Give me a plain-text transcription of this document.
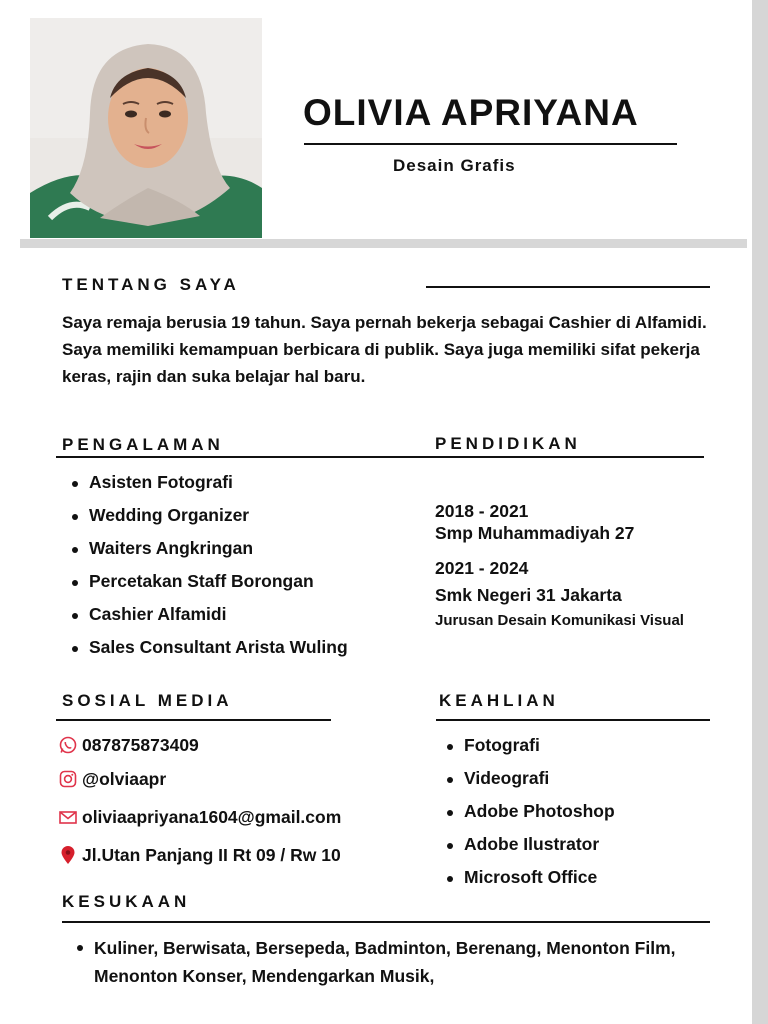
OLIVIA APRIYANA
Desain Grafis
TENTANG SAYA
Saya remaja berusia 19 tahun. Saya pernah bekerja sebagai Cashier di Alfamidi. Saya memiliki kemampuan berbicara di publik. Saya juga memiliki sifat pekerja keras, rajin dan suka belajar hal baru.
PENGALAMAN	PENDIDIKAN
Asisten Fotografi
Wedding Organizer
Waiters Angkringan
Percetakan Staff Borongan
Cashier Alfamidi
Sales Consultant Arista Wuling
2018 - 2021
Smp Muhammadiyah 27
2021 - 2024
Smk Negeri 31 Jakarta
Jurusan Desain Komunikasi Visual
SOSIAL MEDIA
087875873409
@olviaapr
oliviaapriyana1604@gmail.com
Jl.Utan Panjang II Rt 09 / Rw 10
KEAHLIAN
Fotografi
Videografi
Adobe Photoshop
Adobe Ilustrator
Microsoft Office
KESUKAAN
Kuliner, Berwisata, Bersepeda, Badminton, Berenang, Menonton Film, Menonton Konser, Mendengarkan Musik,
